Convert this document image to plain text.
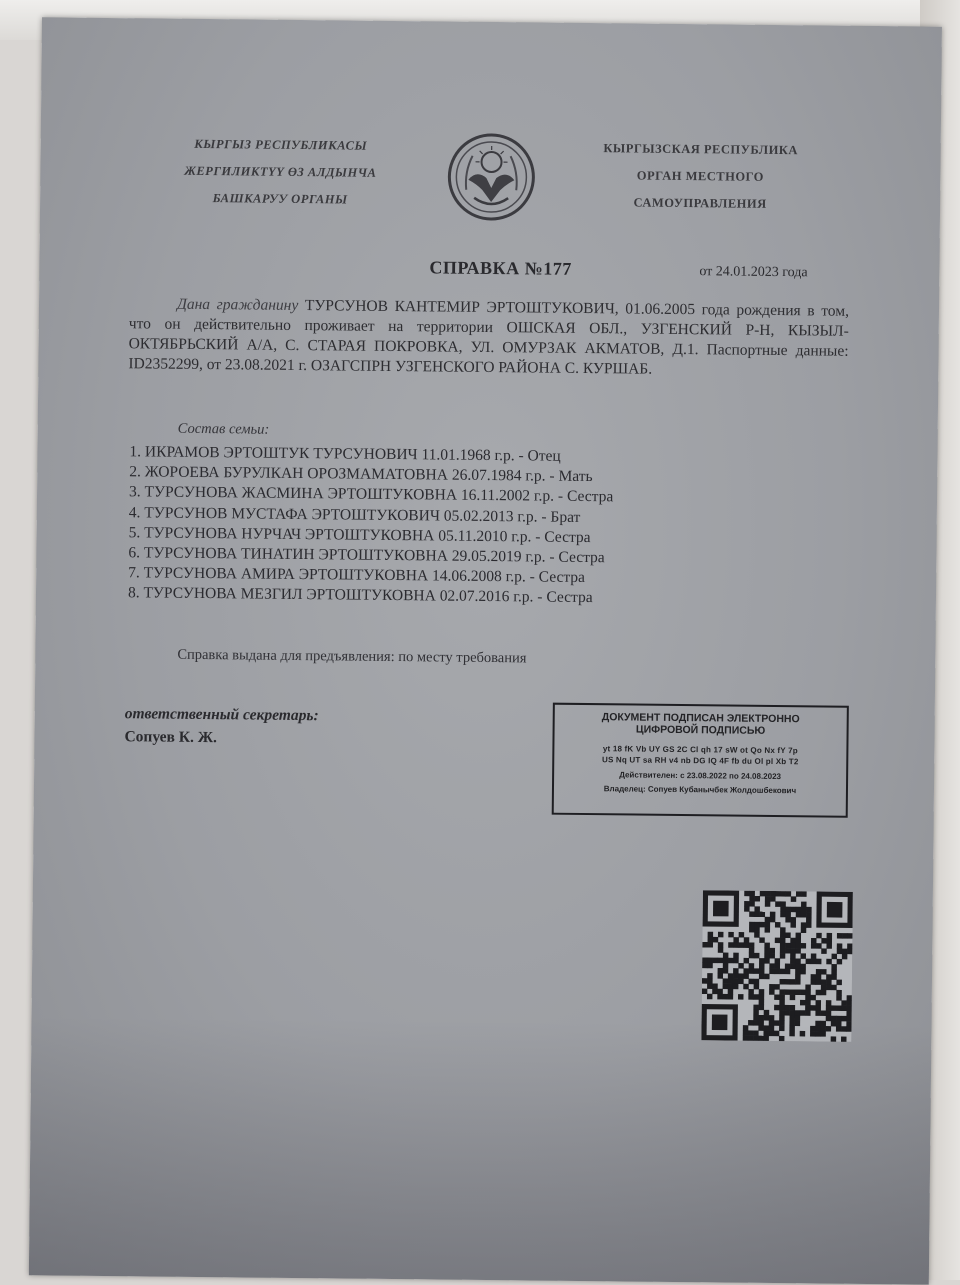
КЫРГЫЗ РЕСПУБЛИКАСЫ
ЖЕРГИЛИКТҮҮ ӨЗ АЛДЫНЧА
БАШКАРУУ ОРГАНЫ
КЫРГЫЗСКАЯ РЕСПУБЛИКА
ОРГАН МЕСТНОГО
САМОУПРАВЛЕНИЯ
СПРАВКА №177	от 24.01.2023 года
Дана гражданину ТУРСУНОВ КАНТЕМИР ЭРТОШТУКОВИЧ, 01.06.2005 года рождения в том, что он действительно проживает на территории ОШСКАЯ ОБЛ., УЗГЕНСКИЙ Р-Н, КЫЗЫЛ-ОКТЯБРЬСКИЙ А/А, С. СТАРАЯ ПОКРОВКА, УЛ. ОМУРЗАК АКМАТОВ, Д.1. Паспортные данные: ID2352299, от 23.08.2021 г. ОЗАГСПРН УЗГЕНСКОГО РАЙОНА С. КУРШАБ.
Состав семьи:
1. ИКРАМОВ ЭРТОШТУК ТУРСУНОВИЧ 11.01.1968 г.р. - Отец
2. ЖОРОЕВА БУРУЛКАН ОРОЗМАМАТОВНА 26.07.1984 г.р. - Мать
3. ТУРСУНОВА ЖАСМИНА ЭРТОШТУКОВНА 16.11.2002 г.р. - Сестра
4. ТУРСУНОВ МУСТАФА ЭРТОШТУКОВИЧ 05.02.2013 г.р. - Брат
5. ТУРСУНОВА НУРЧАЧ ЭРТОШТУКОВНА 05.11.2010 г.р. - Сестра
6. ТУРСУНОВА ТИНАТИН ЭРТОШТУКОВНА 29.05.2019 г.р. - Сестра
7. ТУРСУНОВА АМИРА ЭРТОШТУКОВНА 14.06.2008 г.р. - Сестра
8. ТУРСУНОВА МЕЗГИЛ ЭРТОШТУКОВНА 02.07.2016 г.р. - Сестра
Справка выдана для предъявления: по месту требования
ответственный секретарь:
Сопуев К. Ж.
ДОКУМЕНТ ПОДПИСАН ЭЛЕКТРОННО
ЦИФРОВОЙ ПОДПИСЬЮ
yt 18 fK Vb UY GS 2C Cl qh 17 sW ot Qo Nx fY 7p
US Nq UT sa RH v4 nb DG IQ 4F fb du Ol pl Xb T2
Действителен: с 23.08.2022 по 24.08.2023
Владелец: Сопуев Кубанычбек Жолдошбекович
